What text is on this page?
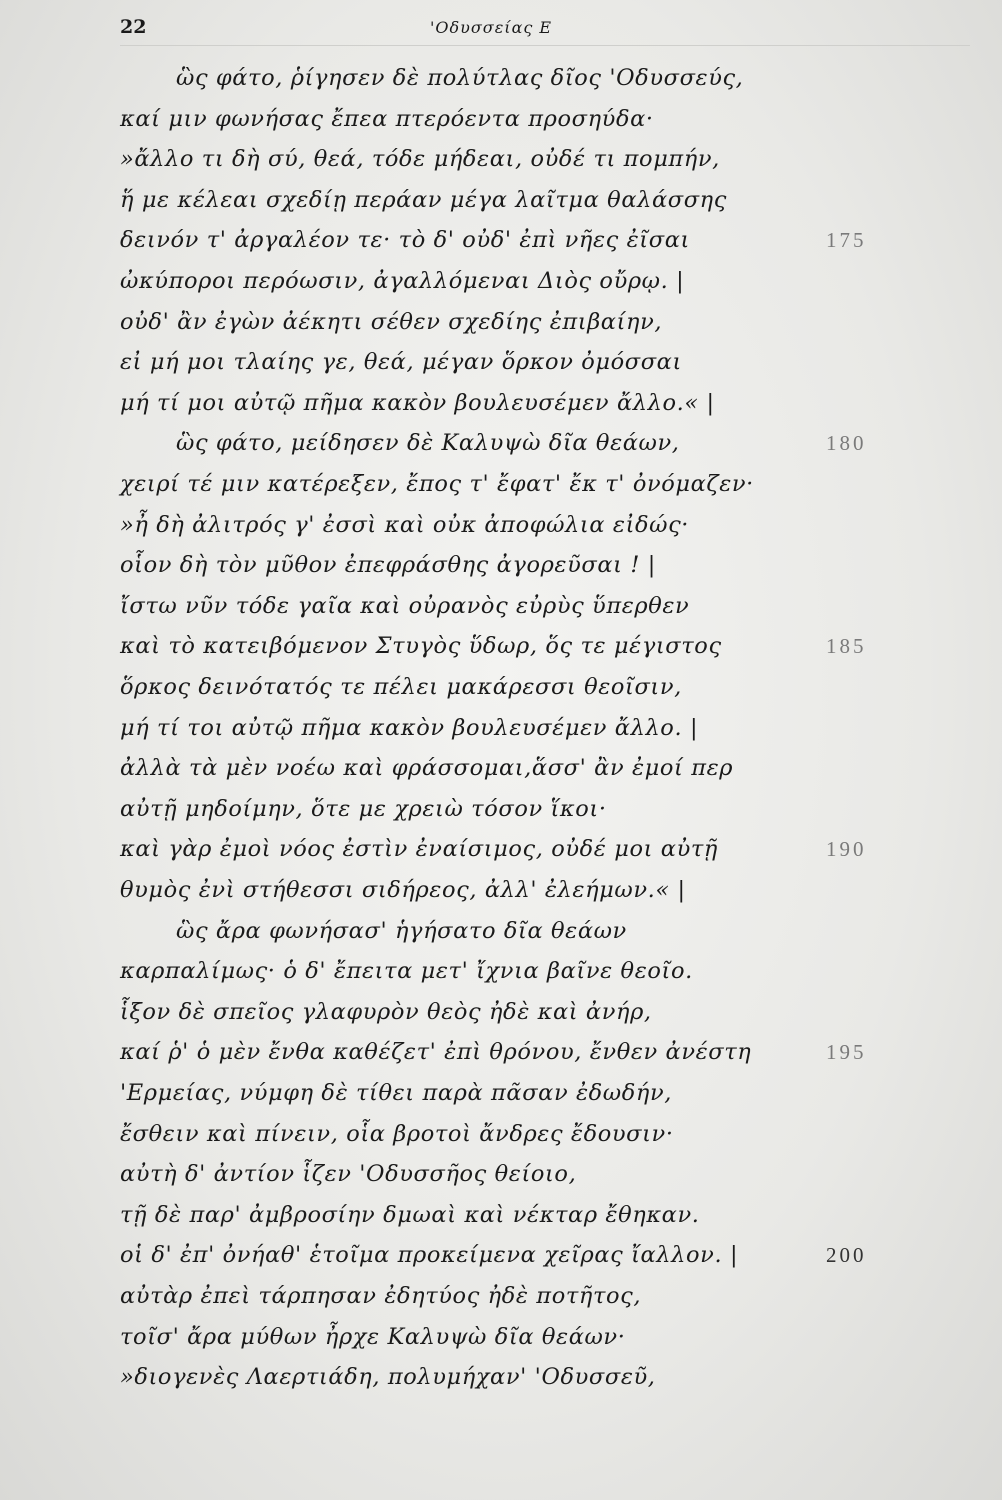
22	'Οδυσσείας Ε
ὣς φάτο, ῥίγησεν δὲ πολύτλας δῖος 'Οδυσσεύς,
καί μιν φωνήσας ἔπεα πτερόεντα προσηύδα·
»ἄλλο τι δὴ σύ, θεά, τόδε μήδεαι, οὐδέ τι πομπήν,
ἥ με κέλεαι σχεδίῃ περάαν μέγα λαῖτμα θαλάσσης
δεινόν τ' ἀργαλέον τε· τὸ δ' οὐδ' ἐπὶ νῆες ἐῖσαι	175
ὠκύποροι περόωσιν, ἀγαλλόμεναι Διὸς οὔρῳ. |
οὐδ' ἂν ἐγὼν ἀέκητι σέθεν σχεδίης ἐπιβαίην,
εἰ μή μοι τλαίης γε, θεά, μέγαν ὅρκον ὀμόσσαι
μή τί μοι αὐτῷ πῆμα κακὸν βουλευσέμεν ἄλλο.« |
ὣς φάτο, μείδησεν δὲ Καλυψὼ δῖα θεάων,	180
χειρί τέ μιν κατέρεξεν, ἔπος τ' ἔφατ' ἔκ τ' ὀνόμαζεν·
»ἦ δὴ ἀλιτρός γ' ἐσσὶ καὶ οὐκ ἀποφώλια εἰδώς·
οἷον δὴ τὸν μῦθον ἐπεφράσθης ἀγορεῦσαι ! |
ἴστω νῦν τόδε γαῖα καὶ οὐρανὸς εὐρὺς ὕπερθεν
καὶ τὸ κατειβόμενον Στυγὸς ὕδωρ, ὅς τε μέγιστος	185
ὅρκος δεινότατός τε πέλει μακάρεσσι θεοῖσιν,
μή τί τοι αὐτῷ πῆμα κακὸν βουλευσέμεν ἄλλο. |
ἀλλὰ τὰ μὲν νοέω καὶ φράσσομαι,ἅσσ' ἂν ἐμοί περ
αὐτῇ μηδοίμην, ὅτε με χρειὼ τόσον ἵκοι·
καὶ γὰρ ἐμοὶ νόος ἐστὶν ἐναίσιμος, οὐδέ μοι αὐτῇ	190
θυμὸς ἐνὶ στήθεσσι σιδήρεος, ἀλλ' ἐλεήμων.« |
ὣς ἄρα φωνήσασ' ἡγήσατο δῖα θεάων
καρπαλίμως· ὁ δ' ἔπειτα μετ' ἴχνια βαῖνε θεοῖο.
ἷξον δὲ σπεῖος γλαφυρὸν θεὸς ἠδὲ καὶ ἀνήρ,
καί ῥ' ὁ μὲν ἔνθα καθέζετ' ἐπὶ θρόνου, ἔνθεν ἀνέστη	195
'Ερμείας, νύμφη δὲ τίθει παρὰ πᾶσαν ἐδωδήν,
ἔσθειν καὶ πίνειν, οἷα βροτοὶ ἄνδρες ἔδουσιν·
αὐτὴ δ' ἀντίον ἷζεν 'Οδυσσῆος θείοιο,
τῇ δὲ παρ' ἀμβροσίην δμωαὶ καὶ νέκταρ ἔθηκαν.
οἱ δ' ἐπ' ὀνήαθ' ἑτοῖμα προκείμενα χεῖρας ἴαλλον. |	200
αὐτὰρ ἐπεὶ τάρπησαν ἐδητύος ἠδὲ ποτῆτος,
τοῖσ' ἄρα μύθων ἦρχε Καλυψὼ δῖα θεάων·
»διογενὲς Λαερτιάδη, πολυμήχαν' 'Οδυσσεῦ,
